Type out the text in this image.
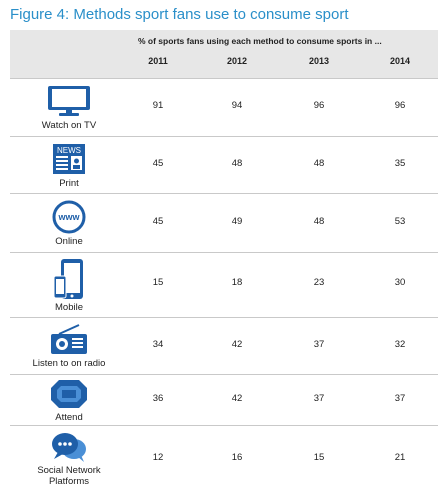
Figure 4: Methods sport fans use to consume sport
% of sports fans using each method to consume sports in ...
2011	2012	2013	2014
Watch on TV
91	94	96	96
NEWS
Print
45	48	48	35
www
Online
45	49	48	53
Mobile
15	18	23	30
Listen to on radio
34	42	37	32
Attend
36	42	37	37
Social Network Platforms
12	16	15	21
